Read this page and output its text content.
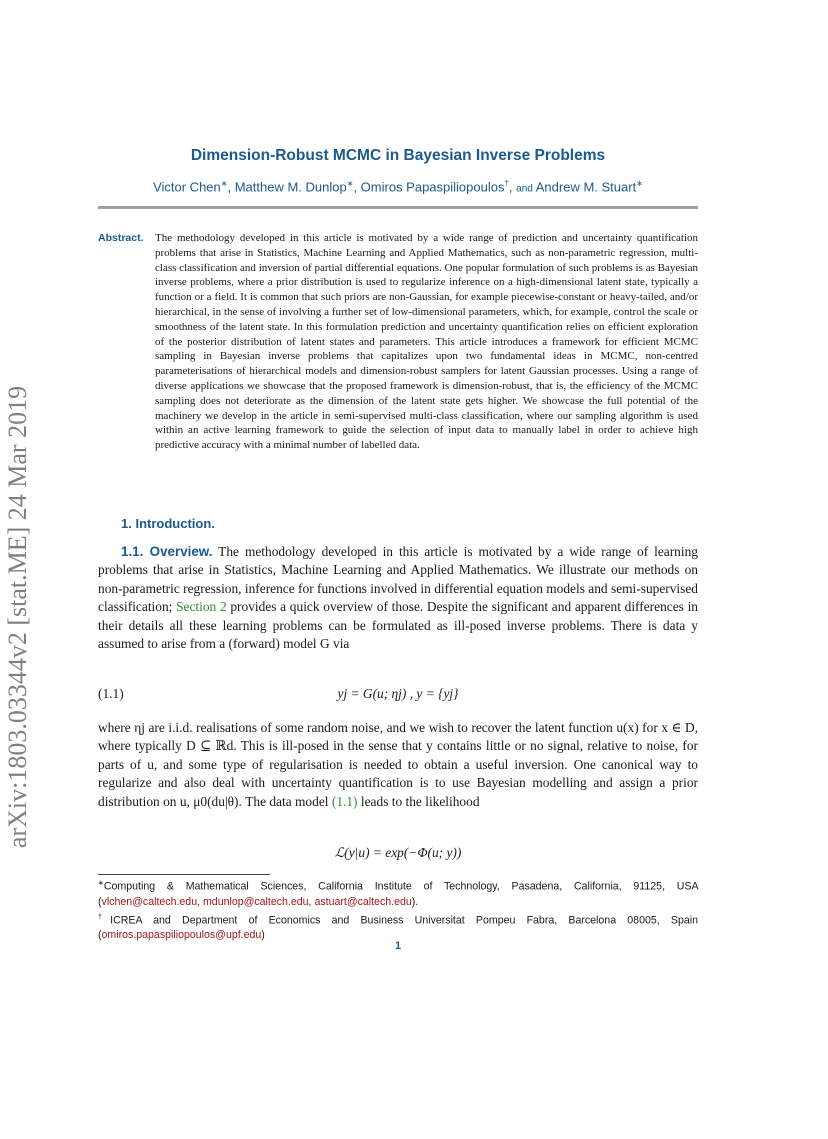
arXiv:1803.03344v2 [stat.ME] 24 Mar 2019
Dimension-Robust MCMC in Bayesian Inverse Problems
Victor Chen∗, Matthew M. Dunlop∗, Omiros Papaspiliopoulos†, and Andrew M. Stuart∗
Abstract. The methodology developed in this article is motivated by a wide range of prediction and uncertainty quantification problems that arise in Statistics, Machine Learning and Applied Mathematics, such as non-parametric regression, multi-class classification and inversion of partial differential equations. One popular formulation of such problems is as Bayesian inverse problems, where a prior distribution is used to regularize inference on a high-dimensional latent state, typically a function or a field. It is common that such priors are non-Gaussian, for example piecewise-constant or heavy-tailed, and/or hierarchical, in the sense of involving a further set of low-dimensional parameters, which, for example, control the scale or smoothness of the latent state. In this formulation prediction and uncertainty quantification relies on efficient exploration of the posterior distribution of latent states and parameters. This article introduces a framework for efficient MCMC sampling in Bayesian inverse problems that capitalizes upon two fundamental ideas in MCMC, non-centred parameterisations of hierarchical models and dimension-robust samplers for latent Gaussian processes. Using a range of diverse applications we showcase that the proposed framework is dimension-robust, that is, the efficiency of the MCMC sampling does not deteriorate as the dimension of the latent state gets higher. We showcase the full potential of the machinery we develop in the article in semi-supervised multi-class classification, where our sampling algorithm is used within an active learning framework to guide the selection of input data to manually label in order to achieve high predictive accuracy with a minimal number of labelled data.
1. Introduction.

1.1. Overview. The methodology developed in this article is motivated by a wide range of learning problems that arise in Statistics, Machine Learning and Applied Mathematics. We illustrate our methods on non-parametric regression, inference for functions involved in differential equation models and semi-supervised classification; Section 2 provides a quick overview of those. Despite the significant and apparent differences in their details all these learning problems can be formulated as ill-posed inverse problems. There is data y assumed to arise from a (forward) model G via

(1.1)	yj = G(u; ηj) , y = {yj}

where ηj are i.i.d. realisations of some random noise, and we wish to recover the latent function u(x) for x ∈ D, where typically D ⊆ ℝd. This is ill-posed in the sense that y contains little or no signal, relative to noise, for parts of u, and some type of regularisation is needed to obtain a useful inversion. One canonical way to regularize and also deal with uncertainty quantification is to use Bayesian modelling and assign a prior distribution on u, μ0(du|θ). The data model (1.1) leads to the likelihood

ℒ(y|u) = exp(−Φ(u; y))

∗Computing & Mathematical Sciences, California Institute of Technology, Pasadena, California, 91125, USA (vlchen@caltech.edu, mdunlop@caltech.edu, astuart@caltech.edu).

†ICREA and Department of Economics and Business Universitat Pompeu Fabra, Barcelona 08005, Spain (omiros.papaspiliopoulos@upf.edu)

1
